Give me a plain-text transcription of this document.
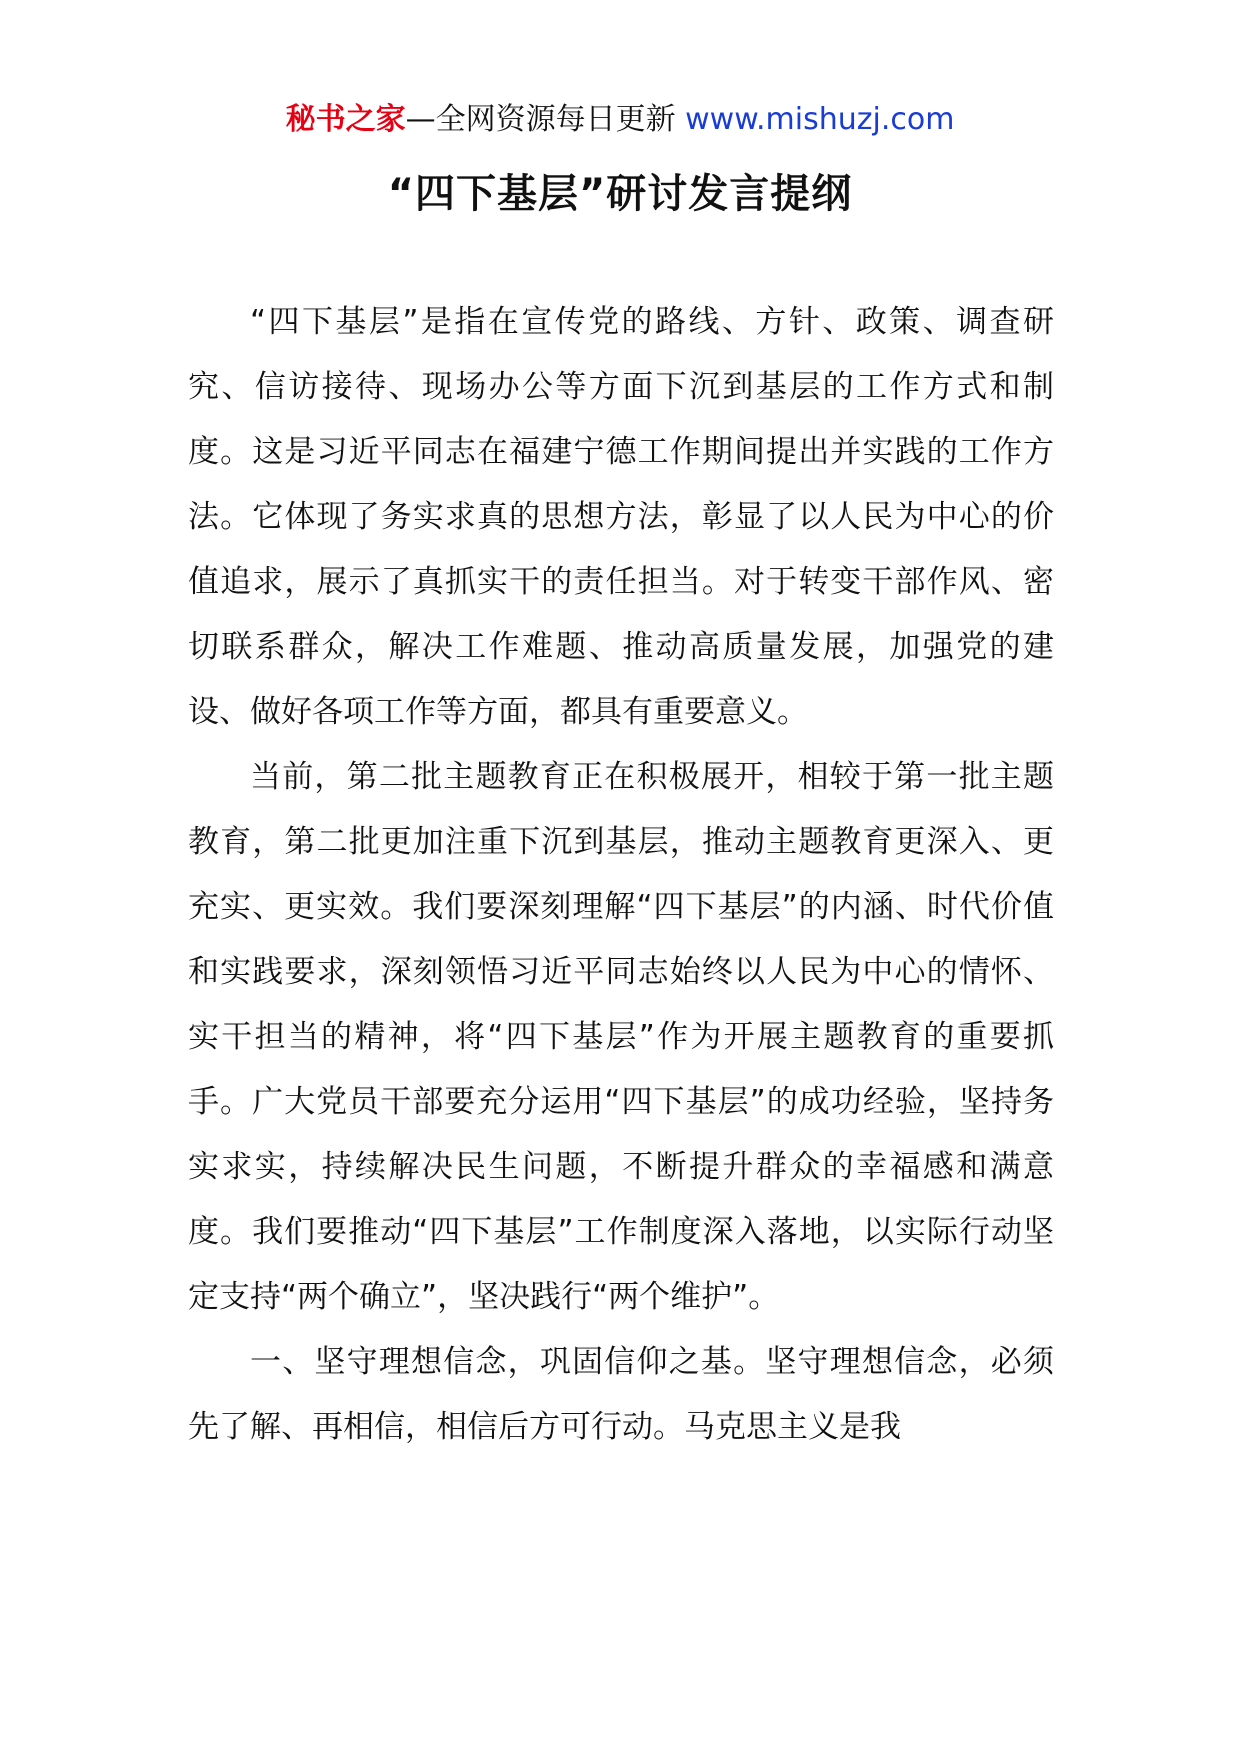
秘书之家—全网资源每日更新 www.mishuzj.com
“四下基层”研讨发言提纲

“四下基层”是指在宣传党的路线、方针、政策、调查研究、信访接待、现场办公等方面下沉到基层的工作方式和制度。这是习近平同志在福建宁德工作期间提出并实践的工作方法。它体现了务实求真的思想方法，彰显了以人民为中心的价值追求，展示了真抓实干的责任担当。对于转变干部作风、密切联系群众，解决工作难题、推动高质量发展，加强党的建设、做好各项工作等方面，都具有重要意义。

当前，第二批主题教育正在积极展开，相较于第一批主题教育，第二批更加注重下沉到基层，推动主题教育更深入、更充实、更实效。我们要深刻理解“四下基层”的内涵、时代价值和实践要求，深刻领悟习近平同志始终以人民为中心的情怀、实干担当的精神，将“四下基层”作为开展主题教育的重要抓手。广大党员干部要充分运用“四下基层”的成功经验，坚持务实求实，持续解决民生问题，不断提升群众的幸福感和满意度。我们要推动“四下基层”工作制度深入落地，以实际行动坚定支持“两个确立”，坚决践行“两个维护”。

一、坚守理想信念，巩固信仰之基。坚守理想信念，必须先了解、再相信，相信后方可行动。马克思主义是我
